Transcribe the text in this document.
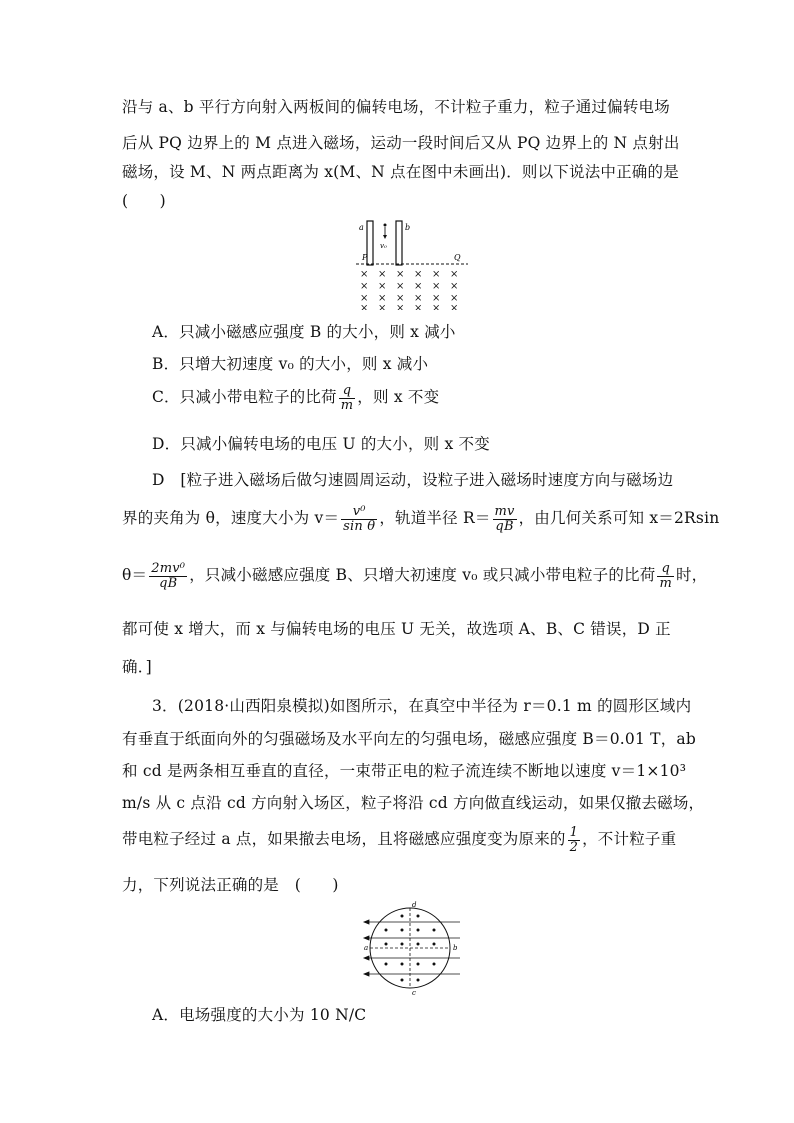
沿与 a、b 平行方向射入两板间的偏转电场，不计粒子重力，粒子通过偏转电场
后从 PQ 边界上的 M 点进入磁场，运动一段时间后又从 PQ 边界上的 N 点射出
磁场，设 M、N 两点距离为 x(M、N 点在图中未画出)．则以下说法中正确的是
(　　)
a	b
v₀
P	Q
× × × × × ×
× × × × × ×
× × × × × ×
× × × × × ×
A．只减小磁感应强度 B 的大小，则 x 减小
B．只增大初速度 v₀ 的大小，则 x 减小
C．只减小带电粒子的比荷 $\frac{q}{m}$ ，则 x 不变
D．只减小偏转电场的电压 U 的大小，则 x 不变
D　[粒子进入磁场后做匀速圆周运动，设粒子进入磁场时速度方向与磁场边
界的夹角为 θ，速度大小为 $v= \frac{\text{v⁰}}{\text{sin θ}}$ ，轨道半径 $R= \frac{mv}{qB}$ ，由几何关系可知 x＝2Rsin
$\theta= \frac{\text{2mv⁰}}{qB}$ ，只减小磁感应强度 B、只增大初速度 v₀ 或只减小带电粒子的比荷 $\frac{q}{m}$ 时，
都可使 x 增大，而 x 与偏转电场的电压 U 无关，故选项 A、B、C 错误，D 正
确．]
3．(2018·山西阳泉模拟)如图所示，在真空中半径为 r＝0.1 m 的圆形区域内
有垂直于纸面向外的匀强磁场及水平向左的匀强电场，磁感应强度 B＝0.01 T，ab
和 cd 是两条相互垂直的直径，一束带正电的粒子流连续不断地以速度 v＝1×10³
m/s 从 c 点沿 cd 方向射入场区，粒子将沿 cd 方向做直线运动，如果仅撤去磁场，
带电粒子经过 a 点，如果撤去电场，且将磁感应强度变为原来的 $\frac{1}{2}$ ，不计粒子重
力，下列说法正确的是　(　　)
d
c
a	b
A．电场强度的大小为 10 N/C
